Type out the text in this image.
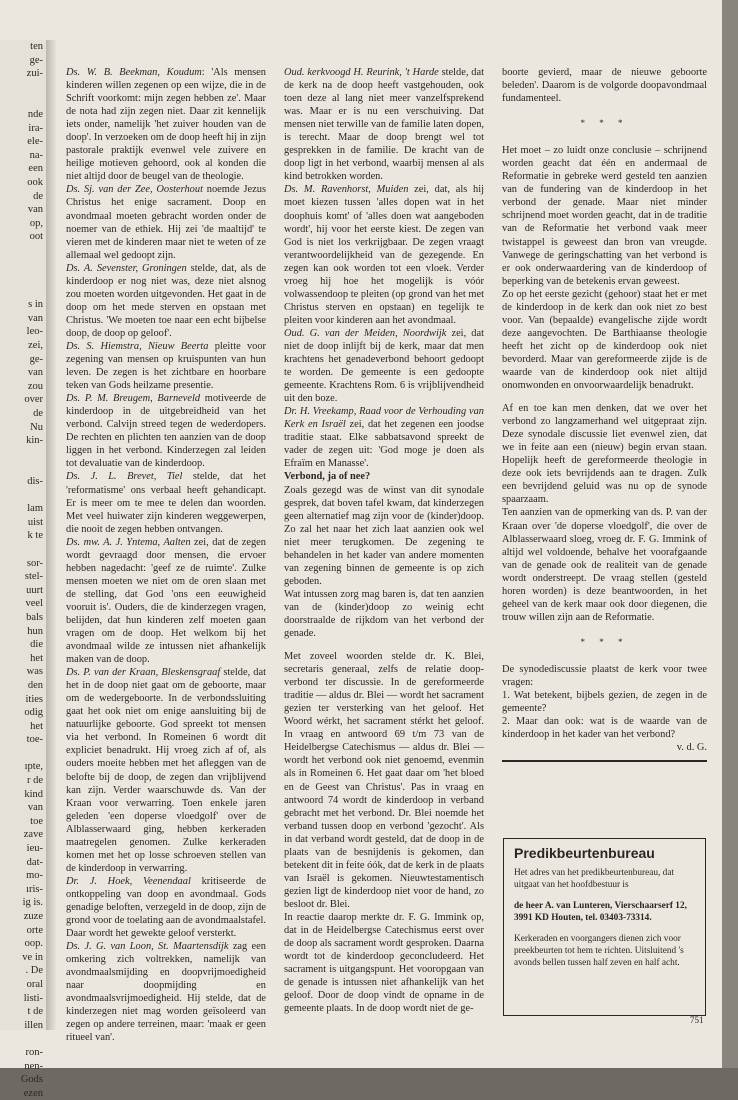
ten

ge-

zui-

nde

ira-

ele-

na-

een

ook

de

van

op,

oot

s in

van

leo-

zei,

ge-

van

zou

over

de

Nu

kin-

dis-

lam

uist

k te

sor-

stel-

uurt

veel

bals

hun

die

het

was

den

ities

odig

het

toe-

ıpte,

r de

kind

van

toe

zave

ieu-

dat-

mo-

ıris-

ig is.

zuze

orte

oop.

ve in

. De

oral

listi-

t de

illen

ron-

nen-

Gods

ezen

Ds. W. B. Beekman, Koudum: 'Als mensen kinderen willen zegenen op een wijze, die in de Schrift voorkomt: mijn zegen hebben ze'. Maar de nota had zijn zegen niet. Daar zit kennelijk iets onder, namelijk 'het zuiver houden van de doop'. In verzoeken om de doop heeft hij in zijn pastorale praktijk evenwel vele zuivere en heilige motieven gehoord, ook al konden die niet altijd door de beugel van de theologie.

Ds. Sj. van der Zee, Oosterhout noemde Jezus Christus het enige sacrament. Doop en avondmaal moeten gebracht worden onder de noemer van de ethiek. Hij zei 'de maaltijd' te vieren met de kinderen maar niet te weten of ze allemaal wel gedoopt zijn.

Ds. A. Sevenster, Groningen stelde, dat, als de kinderdoop er nog niet was, deze niet alsnog zou moeten worden uitgevonden. Het gaat in de doop om het mede sterven en opstaan met Christus. 'We moeten toe naar een echt bijbelse doop, de doop op geloof'.

Ds. S. Hiemstra, Nieuw Beerta pleitte voor zegening van mensen op kruispunten van hun leven. De zegen is het zichtbare en hoorbare teken van Gods heilzame presentie.

Ds. P. M. Breugem, Barneveld motiveerde de kinderdoop in de uitgebreidheid van het verbond. Calvijn streed tegen de wederdopers. De rechten en plichten ten aanzien van de doop liggen in het verbond. Kinderzegen zal leiden tot devaluatie van de kinderdoop.

Ds. J. L. Brevet, Tiel stelde, dat het 'reformatisme' ons verbaal heeft gehandicapt. Er is meer om te mee te delen dan woorden. Met veel huiwater zijn kinderen weggewerpen, die nooit de zegen hebben ontvangen.

Ds. mw. A. J. Yntema, Aalten zei, dat de zegen wordt gevraagd door mensen, die ervoer hebben nagedacht: 'geef ze de ruimte'. Zulke mensen moeten we niet om de oren slaan met de stelling, dat God 'ons een eeuwigheid vooruit is'. Ouders, die de kinderzegen vragen, belijden, dat hun kinderen zelf moeten gaan vragen om de doop. Het welkom bij het avondmaal wilde ze intussen niet afhankelijk maken van de doop.

Ds. P. van der Kraan, Bleskensgraaf stelde, dat het in de doop niet gaat om de geboorte, maar om de wedergeboorte. In de verbondssluiting gaat het ook niet om enige aansluiting bij de natuurlijke geboorte. God spreekt tot mensen via het verbond. In Romeinen 6 wordt dit expliciet benadrukt. Hij vroeg zich af of, als ouders moeite hebben met het afleggen van de belofte bij de doop, de zegen dan vrijblijvend kan zijn. Verder waarschuwde ds. Van der Kraan voor verwarring. Toen enkele jaren geleden 'een doperse vloedgolf' over de Alblasserwaard ging, hebben kerkeraden maatregelen genomen. Zulke kerkeraden komen met het op losse schroeven stellen van de kinderdoop in verwarring.

Dr. J. Hoek, Veenendaal kritiseerde de ontkoppeling van doop en avondmaal. Gods genadige beloften, verzegeld in de doop, zijn de grond voor de toelating aan de avondmaalstafel. Daar wordt het gewekte geloof versterkt.

Ds. J. G. van Loon, St. Maartensdijk zag een omkering zich voltrekken, namelijk van avondmaalsmijding en doopvrijmoedigheid naar doopmijding en avondmaalsvrijmoedigheid. Hij stelde, dat de kinderzegen niet mag worden geïsoleerd van zegen op andere terreinen, maar: 'maak er geen ritueel van'.

Oud. kerkvoogd H. Reurink, 't Harde stelde, dat de kerk na de doop heeft vastgehouden, ook toen deze al lang niet meer vanzelfsprekend was. Maar er is nu een verschuiving. Dat mensen niet terwille van de familie laten dopen, is terecht. Maar de doop brengt wel tot gesprekken in de familie. De kracht van de doop ligt in het verbond, waarbij mensen al als kind betrokken worden.

Ds. M. Ravenhorst, Muiden zei, dat, als hij moet kiezen tussen 'alles dopen wat in het doophuis komt' of 'alles doen wat aangeboden wordt', hij voor het eerste kiest. De zegen van God is niet los verkrijgbaar. De zegen vraagt verantwoordelijkheid van de gezegende. En zegen kan ook worden tot een vloek. Verder vroeg hij hoe het mogelijk is vóór volwassendoop te pleiten (op grond van het met Christus sterven en opstaan) en tegelijk te pleiten voor kinderen aan het avondmaal.

Oud. G. van der Meiden, Noordwijk zei, dat niet de doop inlijft bij de kerk, maar dat men krachtens het genadeverbond behoort gedoopt te worden. De gemeente is een gedoopte gemeente. Krachtens Rom. 6 is vrijblijvendheid uit den boze.

Dr. H. Vreekamp, Raad voor de Verhouding van Kerk en Israël zei, dat het zegenen een joodse traditie staat. Elke sabbatsavond spreekt de vader de zegen uit: 'God moge je doen als Efraïm en Manasse'.

Verbond, ja of nee?

Zoals gezegd was de winst van dit synodale gesprek, dat boven tafel kwam, dat kinderzegen geen alternatief mag zijn voor de (kinder)doop. Zo zal het naar het zich laat aanzien ook wel niet meer terugkomen. De zegening te behandelen in het kader van andere momenten van zegening binnen de gemeente is op zich geboden.

Wat intussen zorg mag baren is, dat ten aanzien van de (kinder)doop zo weinig echt doorstraalde de rijkdom van het verbond der genade.

Met zoveel woorden stelde dr. K. Blei, secretaris generaal, zelfs de relatie doop-verbond ter discussie. In de gereformeerde traditie — aldus dr. Blei — wordt het sacrament gezien ter versterking van het geloof. Het Woord wérkt, het sacrament stérkt het geloof. In vraag en antwoord 69 t/m 73 van de Heidelbergse Catechismus — aldus dr. Blei — wordt het verbond ook niet genoemd, evenmin als in Romeinen 6. Het gaat daar om 'het bloed en de Geest van Christus'. Pas in vraag en antwoord 74 wordt de kinderdoop in verband gebracht met het verbond. Dr. Blei noemde het verband tussen doop en verbond 'gezocht'. Als in dat verband wordt gesteld, dat de doop in de plaats van de besnijdenis is gekomen, dan betekent dit in feite óók, dat de kerk in de plaats van Israël is gekomen. Nieuwtestamentisch gezien ligt de kinderdoop niet voor de hand, zo besloot dr. Blei.

In reactie daarop merkte dr. F. G. Immink op, dat in de Heidelbergse Catechismus eerst over de doop als sacrament wordt gesproken. Daarna wordt tot de kinderdoop geconcludeerd. Het sacrament is uitgangspunt. Het vooropgaan van de genade is intussen niet afhankelijk van het geloof. Door de doop vindt de opname in de gemeente plaats. In de doop wordt niet de ge-

boorte gevierd, maar de nieuwe geboorte beleden'. Daarom is de volgorde doopavondmaal fundamenteel.

* * *

Het moet – zo luidt onze conclusie – schrijnend worden geacht dat één en andermaal de Reformatie in gebreke werd gesteld ten aanzien van de fundering van de kinderdoop in het verbond der genade. Maar niet minder schrijnend moet worden geacht, dat in de traditie van de Reformatie het verbond vaak meer twistappel is geweest dan bron van vreugde. Vanwege de geringschatting van het verbond is er ook onderwaardering van de kinderdoop of beperking van de betekenis ervan geweest.

Zo op het eerste gezicht (gehoor) staat het er met de kinderdoop in de kerk dan ook niet zo best voor. Van (bepaalde) evangelische zijde wordt deze aangevochten. De Barthiaanse theologie heeft het zicht op de kinderdoop ook niet bevorderd. Maar van gereformeerde zijde is de waarde van de kinderdoop ook niet altijd onomwonden en onvoorwaardelijk benadrukt.

Af en toe kan men denken, dat we over het verbond zo langzamerhand wel uitgepraat zijn. Deze synodale discussie liet evenwel zien, dat we in feite aan een (nieuw) begin ervan staan. Hopelijk heeft de gereformeerde theologie in deze ook iets bevrijdends aan te dragen. Zulk een bevrijdend geluid was nu op de synode spaarzaam.

Ten aanzien van de opmerking van ds. P. van der Kraan over 'de doperse vloedgolf', die over de Alblasserwaard sloeg, vroeg dr. F. G. Immink of altijd wel voldoende, behalve het voorafgaande van de genade ook de realiteit van de genade wordt onderstreept. De vraag stellen (gesteld horen worden) is deze beantwoorden, in het geheel van de kerk maar ook door diegenen, die trouw willen zijn aan de Reformatie.

* * *

De synodediscussie plaatst de kerk voor twee vragen:

1. Wat betekent, bijbels gezien, de zegen in de gemeente?

2. Maar dan ook: wat is de waarde van de kinderdoop in het kader van het verbond?

v. d. G.

Predikbeurtenbureau

Het adres van het predikbeurtenbureau, dat uitgaat van het hoofdbestuur is

de heer A. van Lunteren, Vierschaarserf 12, 3991 KD Houten, tel. 03403-73314.

Kerkeraden en voorgangers dienen zich voor preekbeurten tot hem te richten. Uitsluitend 's avonds bellen tussen half zeven en half acht.

751
